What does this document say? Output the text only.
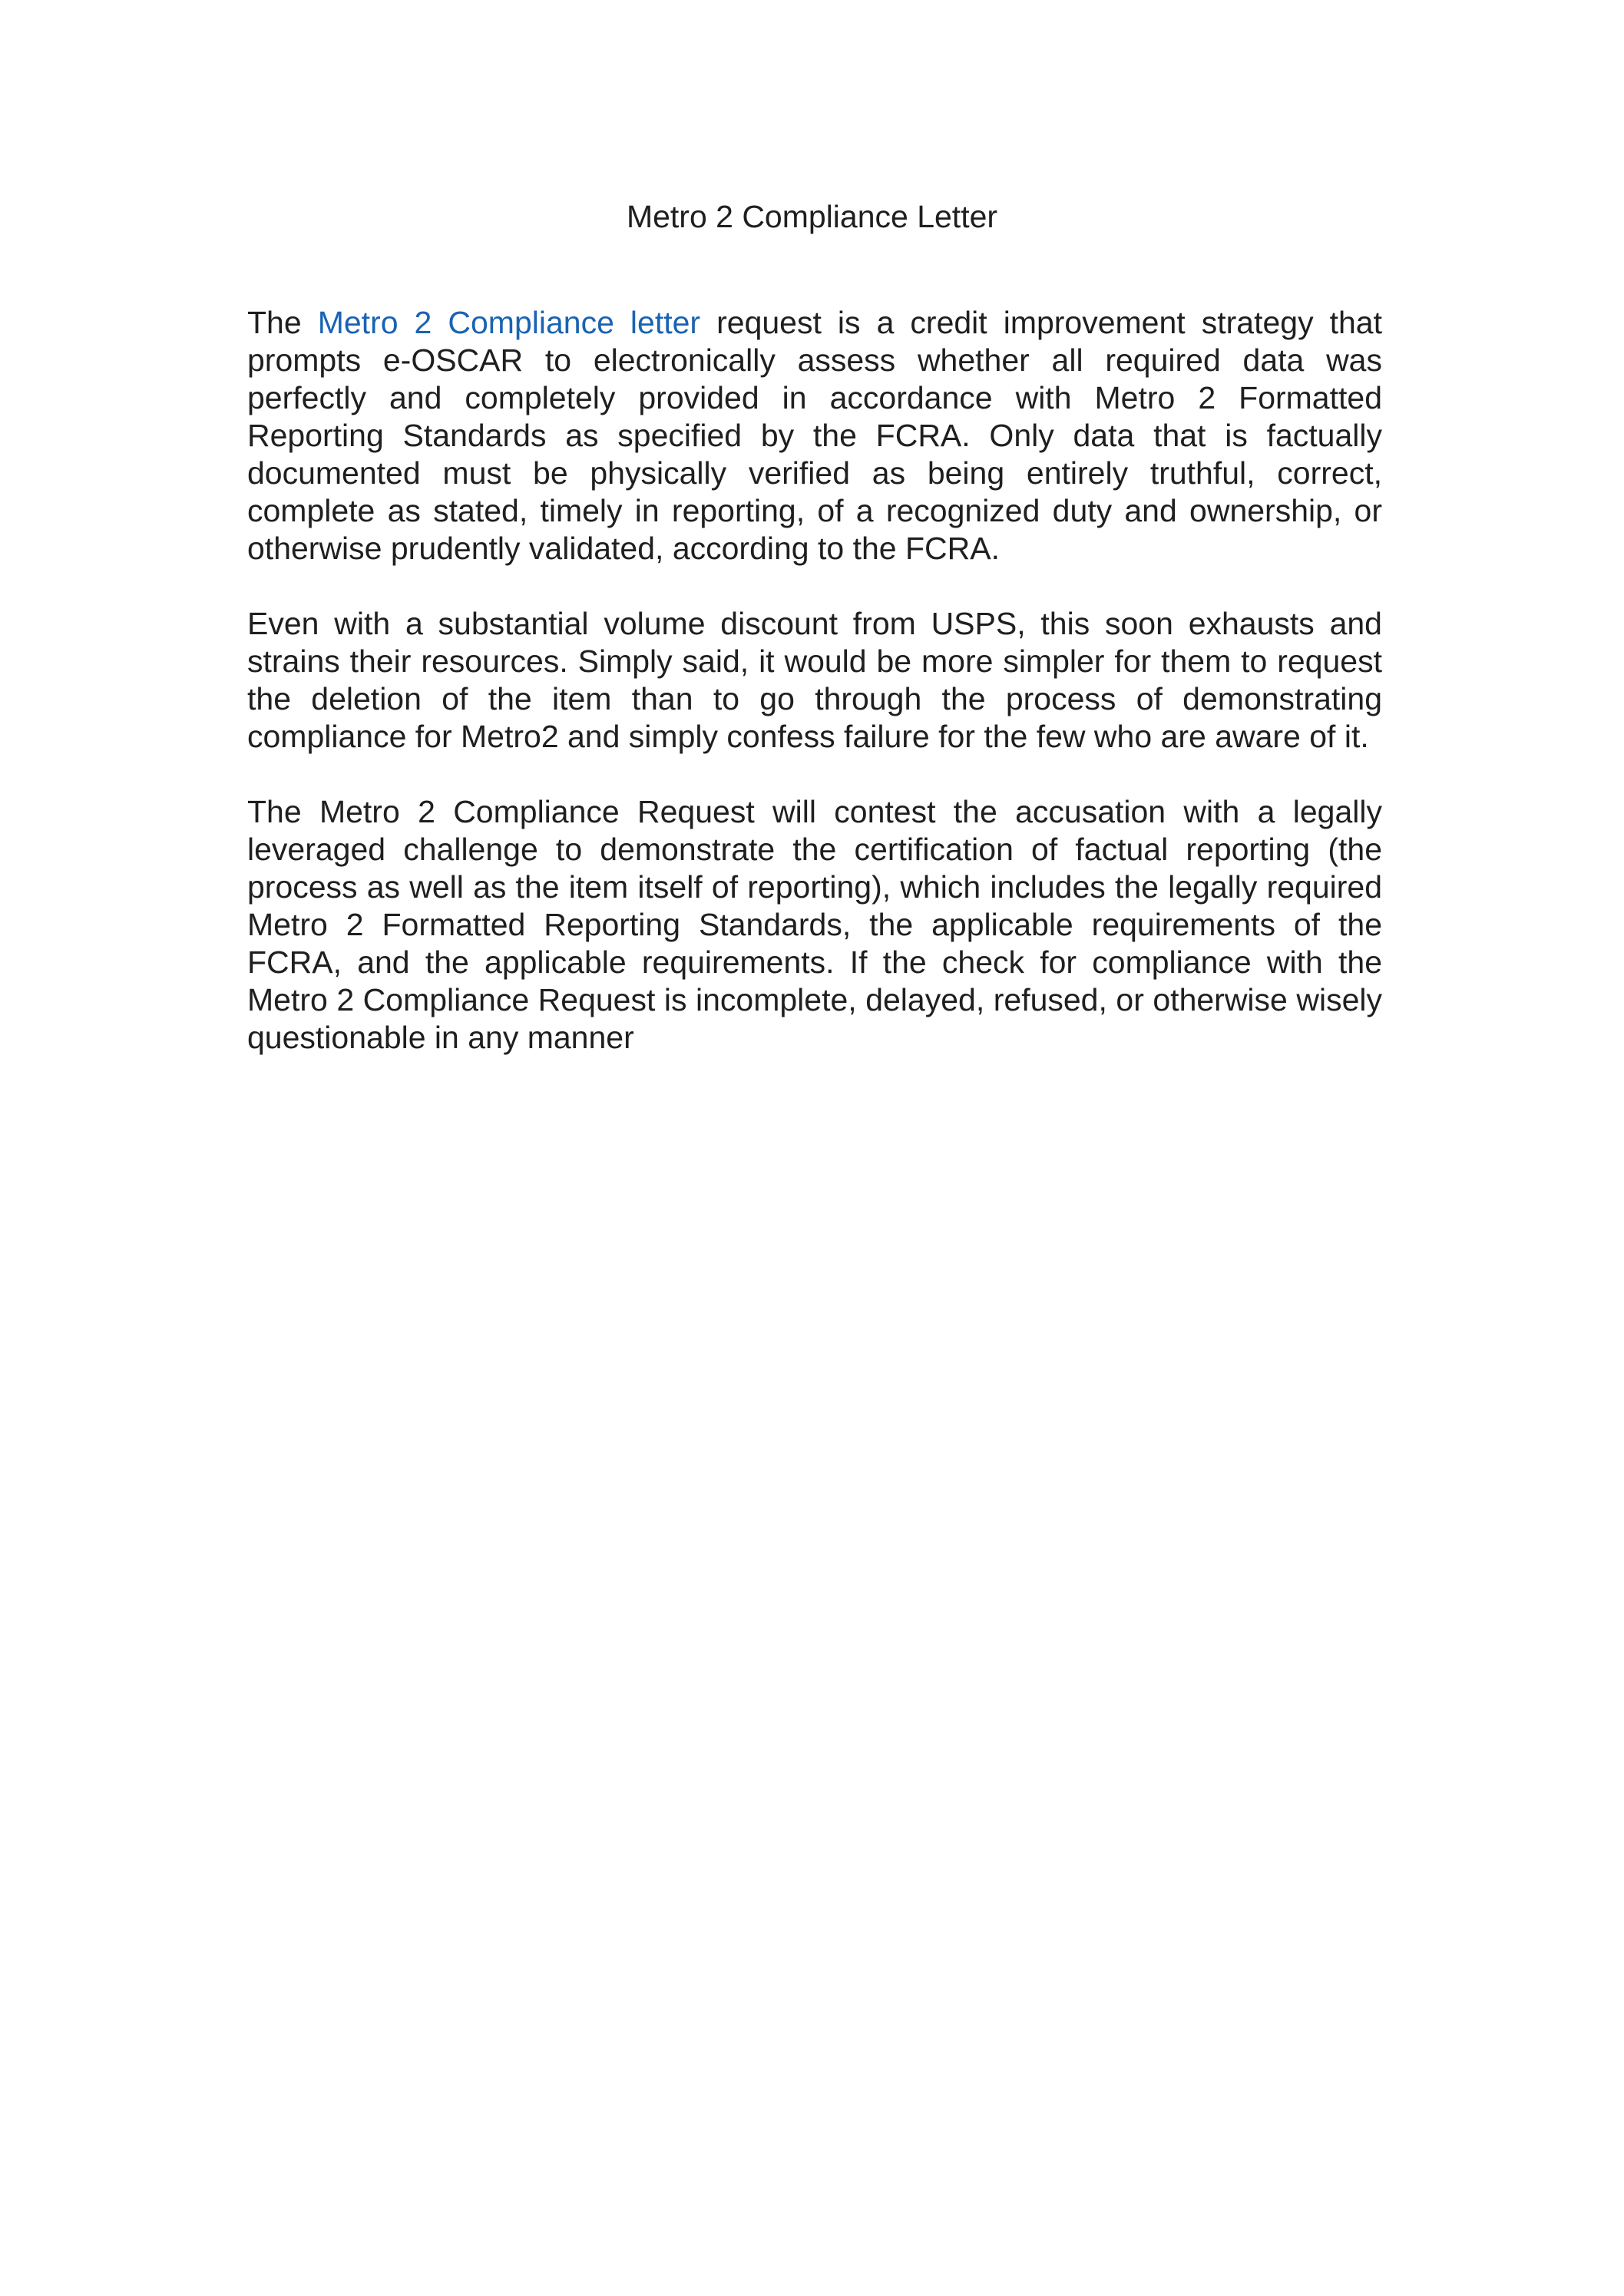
Metro 2 Compliance Letter

The Metro 2 Compliance letter request is a credit improvement strategy that prompts e-OSCAR to electronically assess whether all required data was perfectly and completely provided in accordance with Metro 2 Formatted Reporting Standards as specified by the FCRA. Only data that is factually documented must be physically verified as being entirely truthful, correct, complete as stated, timely in reporting, of a recognized duty and ownership, or otherwise prudently validated, according to the FCRA.

Even with a substantial volume discount from USPS, this soon exhausts and strains their resources. Simply said, it would be more simpler for them to request the deletion of the item than to go through the process of demonstrating compliance for Metro2 and simply confess failure for the few who are aware of it.

The Metro 2 Compliance Request will contest the accusation with a legally leveraged challenge to demonstrate the certification of factual reporting (the process as well as the item itself of reporting), which includes the legally required Metro 2 Formatted Reporting Standards, the applicable requirements of the FCRA, and the applicable requirements. If the check for compliance with the Metro 2 Compliance Request is incomplete, delayed, refused, or otherwise wisely questionable in any manner
